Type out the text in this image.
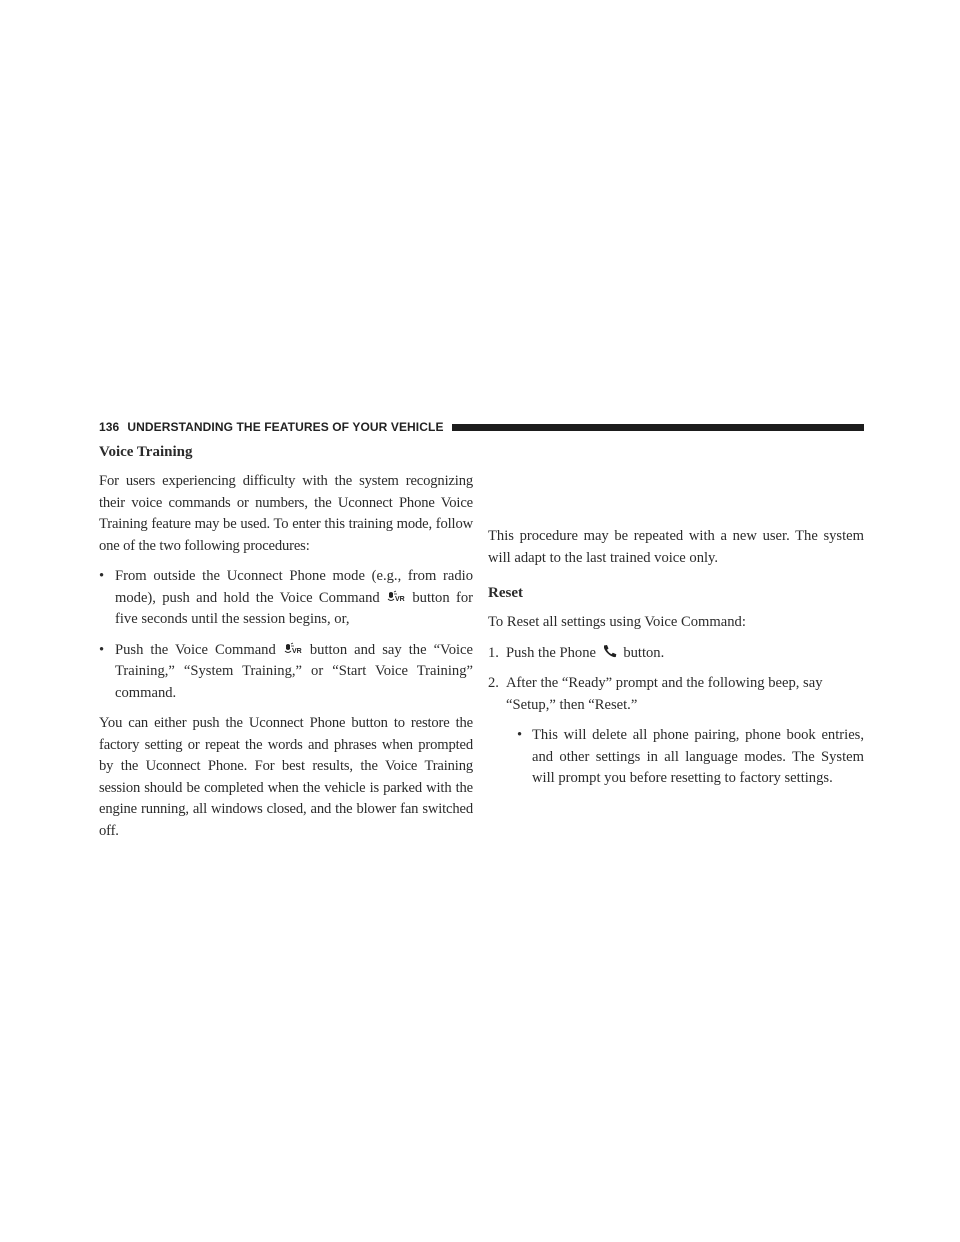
136 UNDERSTANDING THE FEATURES OF YOUR VEHICLE
Voice Training

For users experiencing difficulty with the system recognizing their voice commands or numbers, the Uconnect Phone Voice Training feature may be used. To enter this training mode, follow one of the two following procedures:

• From outside the Uconnect Phone mode (e.g., from radio mode), push and hold the Voice Command VR button for five seconds until the session begins, or,
• Push the Voice Command VR button and say the “Voice Training,” “System Training,” or “Start Voice Training” command.

You can either push the Uconnect Phone button to restore the factory setting or repeat the words and phrases when prompted by the Uconnect Phone. For best results, the Voice Training session should be completed when the vehicle is parked with the engine running, all windows closed, and the blower fan switched off.

This procedure may be repeated with a new user. The system will adapt to the last trained voice only.

Reset

To Reset all settings using Voice Command:

1. Push the Phone button.
2. After the “Ready” prompt and the following beep, say “Setup,” then “Reset.”
• This will delete all phone pairing, phone book entries, and other settings in all language modes. The System will prompt you before resetting to factory settings.
